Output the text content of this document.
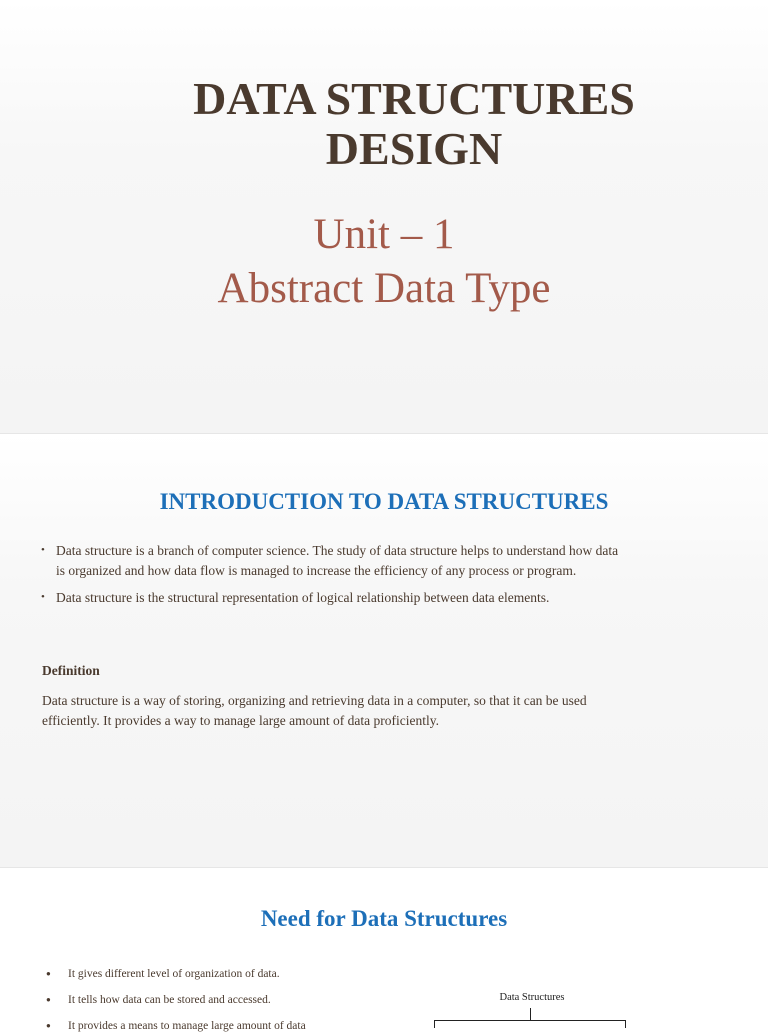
DATA STRUCTURES
DESIGN
Unit – 1
Abstract Data Type
INTRODUCTION TO DATA STRUCTURES
• Data structure is a branch of computer science. The study of data structure helps to understand how data is organized and how data flow is managed to increase the efficiency of any process or program.
• Data structure is the structural representation of logical relationship between data elements.
Definition
Data structure is a way of storing, organizing and retrieving data in a computer, so that it can be used efficiently. It provides a way to manage large amount of data proficiently.
Need for Data Structures
● It gives different level of organization of data.
● It tells how data can be stored and accessed.
● It provides a means to manage large amount of data
Data Structures
